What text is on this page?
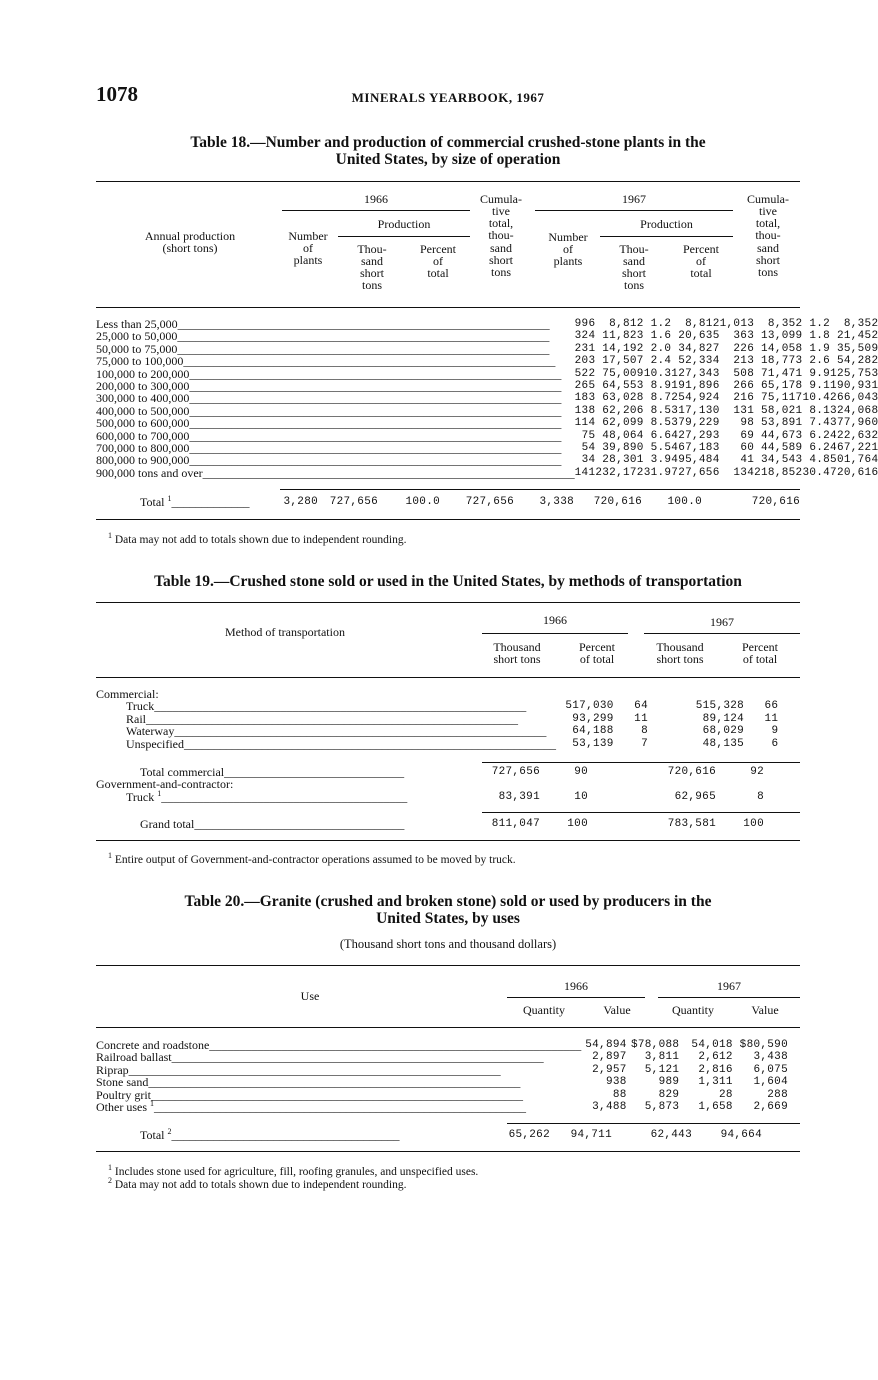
1078	MINERALS YEARBOOK, 1967
Table 18.—Number and production of commercial crushed-stone plants in the
United States, by size of operation
Annual production
(short tons)
1966
Production
1967
Production
Number
of
plants
Thou-
sand
short
tons
Percent
of
total
Cumula-
tive
total,
thou-
sand
short
tons
Number
of
plants
Thou-
sand
short
tons
Percent
of
total
Cumula-
tive
total,
thou-
sand
short
tons
Less than 25,000______________________________________________________________	996	8,812	1.2	8,812	1,013	8,352	1.2	8,352
25,000 to 50,000______________________________________________________________	324	11,823	1.6	20,635	363	13,099	1.8	21,452
50,000 to 75,000______________________________________________________________	231	14,192	2.0	34,827	226	14,058	1.9	35,509
75,000 to 100,000______________________________________________________________	203	17,507	2.4	52,334	213	18,773	2.6	54,282
100,000 to 200,000______________________________________________________________	522	75,009	10.3	127,343	508	71,471	9.9	125,753
200,000 to 300,000______________________________________________________________	265	64,553	8.9	191,896	266	65,178	9.1	190,931
300,000 to 400,000______________________________________________________________	183	63,028	8.7	254,924	216	75,117	10.4	266,043
400,000 to 500,000______________________________________________________________	138	62,206	8.5	317,130	131	58,021	8.1	324,068
500,000 to 600,000______________________________________________________________	114	62,099	8.5	379,229	98	53,891	7.4	377,960
600,000 to 700,000______________________________________________________________	75	48,064	6.6	427,293	69	44,673	6.2	422,632
700,000 to 800,000______________________________________________________________	54	39,890	5.5	467,183	60	44,589	6.2	467,221
800,000 to 900,000______________________________________________________________	34	28,301	3.9	495,484	41	34,543	4.8	501,764
900,000 tons and over______________________________________________________________	141	232,172	31.9	727,656	134	218,852	30.4	720,616
Total $^1$_____________	3,280	727,656	100.0	727,656	3,338	720,616	100.0	720,616
$^1$ Data may not add to totals shown due to independent rounding.
Table 19.—Crushed stone sold or used in the United States, by methods of transportation
Method of transportation
1966	1967
Thousand
short tons
Percent
of total
Thousand
short tons
Percent
of total
Commercial:						
Truck______________________________________________________________	517,030	64		515,328	66	
Rail______________________________________________________________	93,299	11		89,124	11	
Waterway______________________________________________________________	64,188	8		68,029	9	
Unspecified______________________________________________________________	53,139	7		48,135	6	
Total commercial______________________________	727,656	90		720,616	92	
Government-and-contractor:						
Truck $^1$_________________________________________	83,391	10		62,965	8	
Grand total___________________________________	811,047	100		783,581	100	
$^1$ Entire output of Government-and-contractor operations assumed to be moved by truck.
Table 20.—Granite (crushed and broken stone) sold or used by producers in the
United States, by uses
(Thousand short tons and thousand dollars)
Use
1966	1967
Quantity	Value	Quantity	Value
Concrete and roadstone______________________________________________________________	54,894	$78,088	54,018	$80,590	
Railroad ballast______________________________________________________________	2,897	3,811	2,612	3,438	
Riprap______________________________________________________________	2,957	5,121	2,816	6,075	
Stone sand______________________________________________________________	938	989	1,311	1,604	
Poultry grit______________________________________________________________	88	829	28	288	
Other uses $^1$______________________________________________________________	3,488	5,873	1,658	2,669	
Total $^2$______________________________________	65,262	94,711	62,443	94,664	
$^1$ Includes stone used for agriculture, fill, roofing granules, and unspecified uses.
$^2$ Data may not add to totals shown due to independent rounding.
